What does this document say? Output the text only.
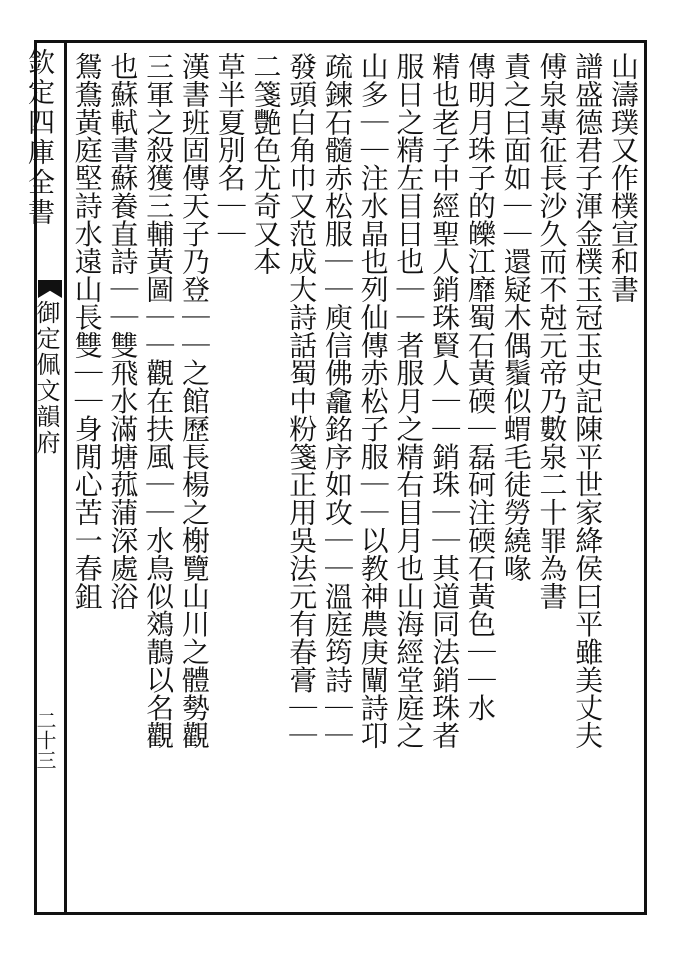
欽定四庫全書
御定佩文韻府
二十三
山濤璞又作樸宣和書
譜盛德君子渾金樸玉冠玉史記陳平世家絳侯曰平雖美丈夫
傅泉專征長沙久而不尅元帝乃數泉二十罪為書
責之曰面如｜｜還疑木偶鬚似蝟毛徒勞繞喙
傳明月珠子的皪江靡蜀石黃碝｜磊砢注碝石黃色｜｜水
精也老子中經聖人銷珠賢人｜｜銷珠｜｜其道同法銷珠者
服日之精左目日也｜｜者服月之精右目月也山海經堂庭之
山多｜｜注水晶也列仙傳赤松子服｜｜以教神農庚闡詩卭
疏鍊石髓赤松服｜｜庾信佛龕銘序如攻｜｜溫庭筠詩｜｜
發頭白角巾又范成大詩話蜀中粉箋正用吳法元有春膏｜｜
二箋艷色尤奇又本
草半夏別名｜｜
漢書班固傳天子乃登｜｜之館歷長楊之榭覽山川之體勢觀
三軍之殺獲三輔黃圖｜｜觀在扶風｜｜水鳥似鵁鶄以名觀
也蘇軾書蘇養直詩｜｜雙飛水滿塘菰蒲深處浴
鴛鴦黃庭堅詩水遠山長雙｜｜身閒心苦一春鉏
